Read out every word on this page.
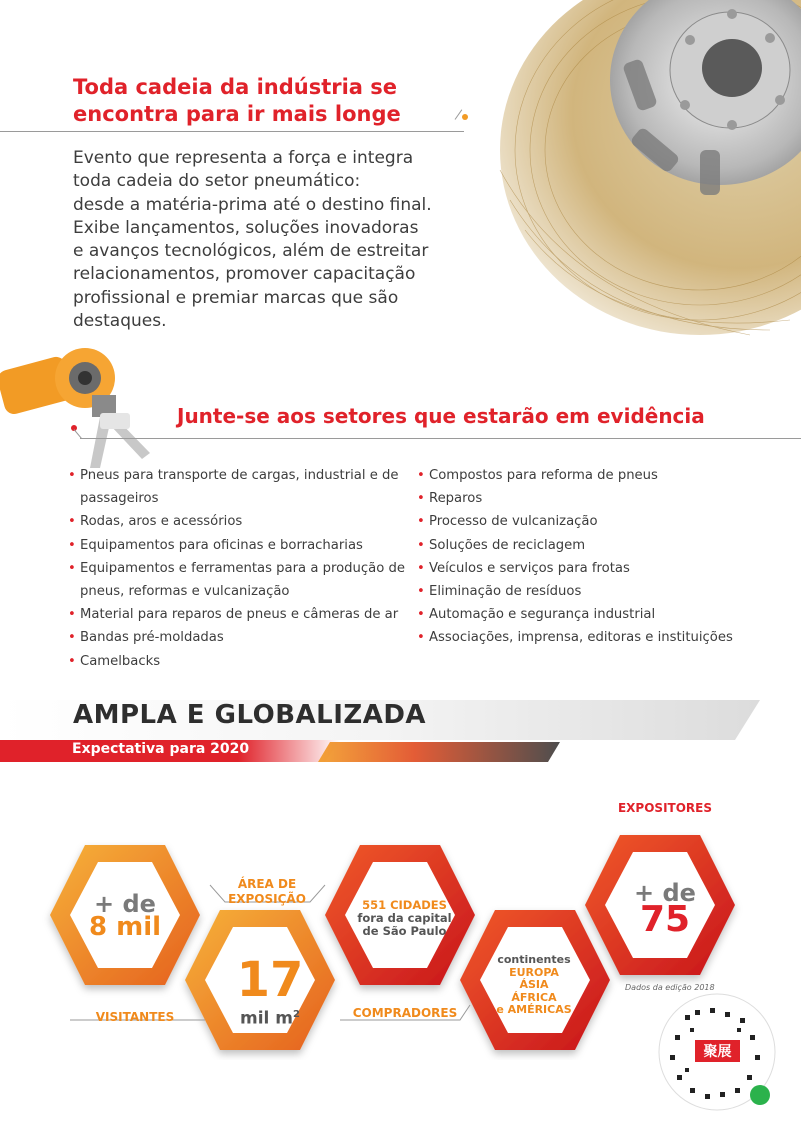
Toda cadeia da indústria se
encontra para ir mais longe

Evento que representa a força e integra
toda cadeia do setor pneumático:
desde a matéria-prima até o destino final.
Exibe lançamentos, soluções inovadoras
e avanços tecnológicos, além de estreitar
relacionamentos, promover capacitação
profissional e premiar marcas que são
destaques.

Junte-se aos setores que estarão em evidência
• Pneus para transporte de cargas, industrial e de passageiros
• Rodas, aros e acessórios
• Equipamentos para oficinas e borracharias
• Equipamentos e ferramentas para a produção de pneus, reformas e vulcanização
• Material para reparos de pneus e câmeras de ar
• Bandas pré-moldadas
• Camelbacks
• Compostos para reforma de pneus
• Reparos
• Processo de vulcanização
• Soluções de reciclagem
• Veículos e serviços para frotas
• Eliminação de resíduos
• Automação e segurança industrial
• Associações, imprensa, editoras e instituições
AMPLA E GLOBALIZADA
Expectativa para 2020
+ de
8 mil
VISITANTES
ÁREA DE
EXPOSIÇÃO
17
mil $m^2$
551 CIDADES
fora da capital
de São Paulo
COMPRADORES
continentes
EUROPA
ÁSIA
ÁFRICA
e AMÉRICAS
EXPOSITORES
+ de
75
Dados da edição 2018
聚展
